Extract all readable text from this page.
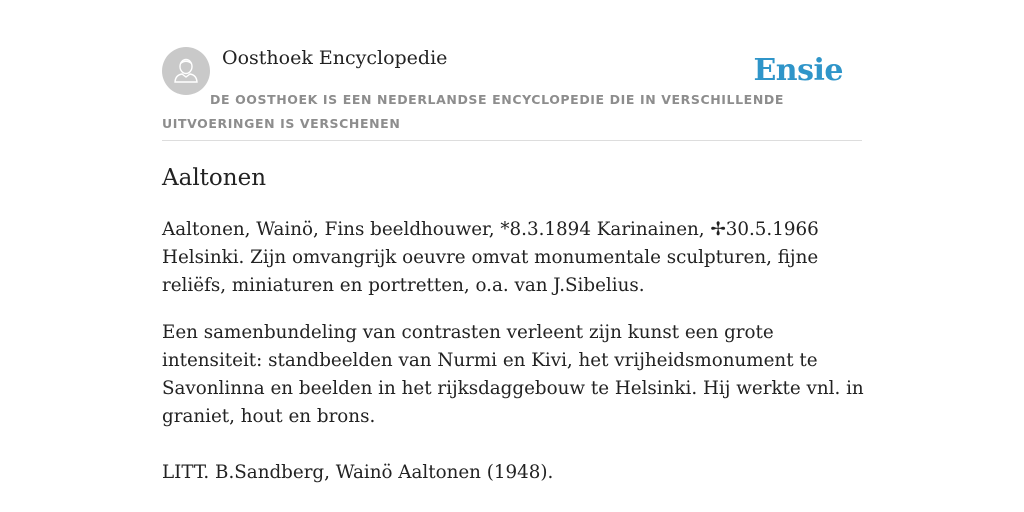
Oosthoek Encyclopedie	Ensie
DE OOSTHOEK IS EEN NEDERLANDSE ENCYCLOPEDIE DIE IN VERSCHILLENDE UITVOERINGEN IS VERSCHENEN
Aaltonen

Aaltonen, Wainö, Fins beeldhouwer, *8.3.1894 Karinainen, ✢30.5.1966 Helsinki. Zijn omvangrijk oeuvre omvat monumentale sculpturen, fijne reliëfs, miniaturen en portretten, o.a. van J.Sibelius.

Een samenbundeling van contrasten verleent zijn kunst een grote intensiteit: standbeelden van Nurmi en Kivi, het vrijheidsmonument te Savonlinna en beelden in het rijksdaggebouw te Helsinki. Hij werkte vnl. in graniet, hout en brons.

LITT. B.Sandberg, Wainö Aaltonen (1948).
